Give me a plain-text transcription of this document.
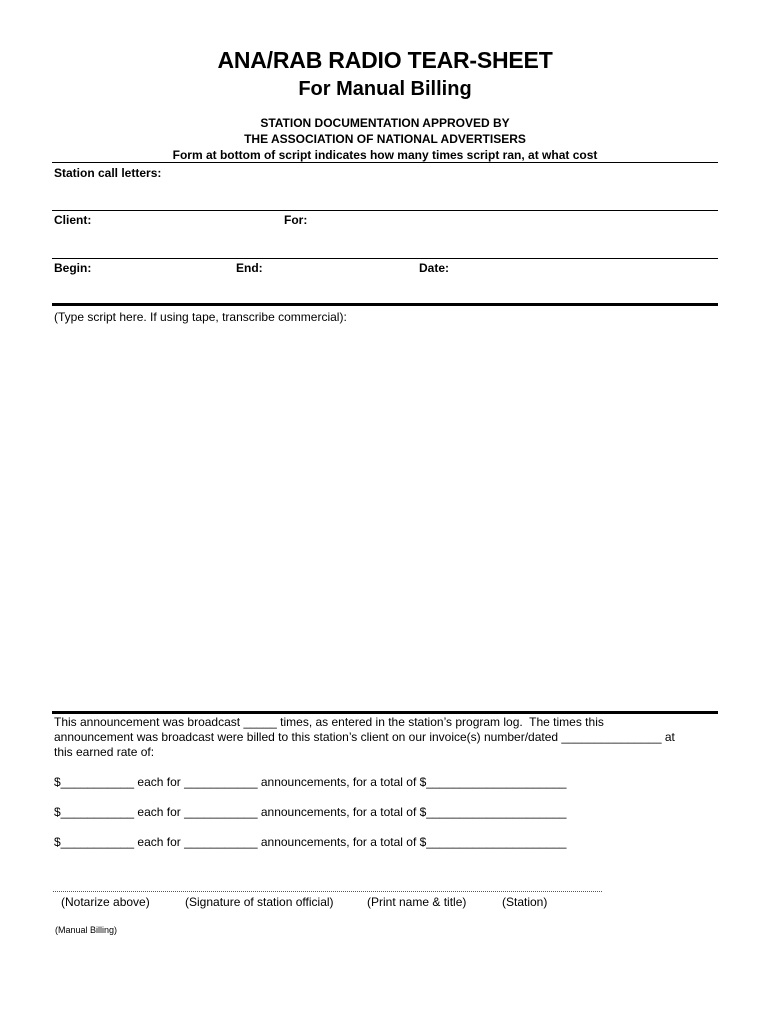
ANA/RAB RADIO TEAR-SHEET
For Manual Billing
STATION DOCUMENTATION APPROVED BY
THE ASSOCIATION OF NATIONAL ADVERTISERS
Form at bottom of script indicates how many times script ran, at what cost
Station call letters:
Client:	For:
Begin:	End:	Date:
(Type script here. If using tape, transcribe commercial):
This announcement was broadcast _____ times, as entered in the station’s program log.  The times this
announcement was broadcast were billed to this station’s client on our invoice(s) number/dated _______________ at
this earned rate of:
$___________ each for ___________ announcements, for a total of $_____________________
$___________ each for ___________ announcements, for a total of $_____________________
$___________ each for ___________ announcements, for a total of $_____________________
(Notarize above)	(Signature of station official)	(Print name & title)	(Station)
(Manual Billing)
